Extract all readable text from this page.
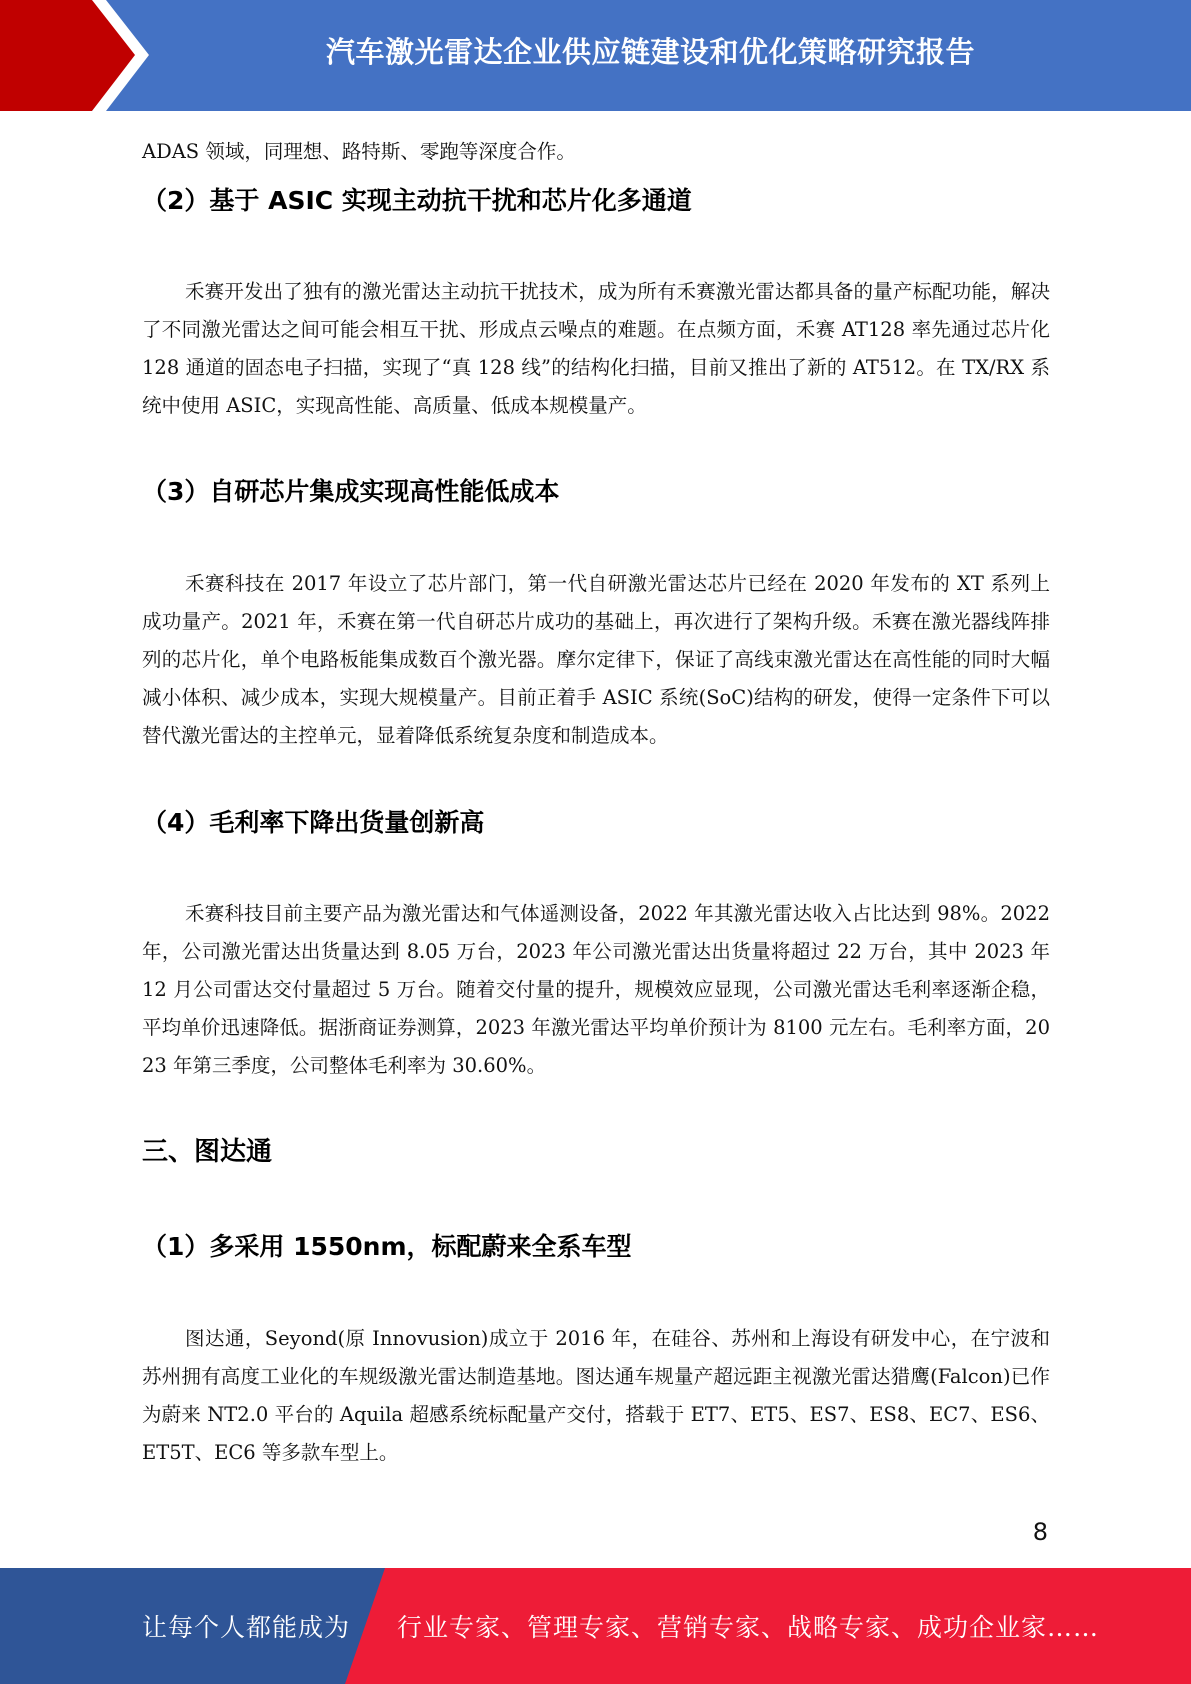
汽车激光雷达企业供应链建设和优化策略研究报告
ADAS 领域，同理想、路特斯、零跑等深度合作。
（2）基于 ASIC 实现主动抗干扰和芯片化多通道
禾赛开发出了独有的激光雷达主动抗干扰技术，成为所有禾赛激光雷达都具备的量产标配功能，解决了不同激光雷达之间可能会相互干扰、形成点云噪点的难题。在点频方面，禾赛 AT128 率先通过芯片化 128 通道的固态电子扫描，实现了“真 128 线”的结构化扫描，目前又推出了新的 AT512。在 TX/RX 系统中使用 ASIC，实现高性能、高质量、低成本规模量产。
（3）自研芯片集成实现高性能低成本
禾赛科技在 2017 年设立了芯片部门，第一代自研激光雷达芯片已经在 2020 年发布的 XT 系列上成功量产。2021 年，禾赛在第一代自研芯片成功的基础上，再次进行了架构升级。禾赛在激光器线阵排列的芯片化，单个电路板能集成数百个激光器。摩尔定律下，保证了高线束激光雷达在高性能的同时大幅减小体积、减少成本，实现大规模量产。目前正着手 ASIC 系统(SoC)结构的研发，使得一定条件下可以替代激光雷达的主控单元，显着降低系统复杂度和制造成本。
（4）毛利率下降出货量创新高
禾赛科技目前主要产品为激光雷达和气体遥测设备，2022 年其激光雷达收入占比达到 98%。2022 年，公司激光雷达出货量达到 8.05 万台，2023 年公司激光雷达出货量将超过 22 万台，其中 2023 年 12 月公司雷达交付量超过 5 万台。随着交付量的提升，规模效应显现，公司激光雷达毛利率逐渐企稳，平均单价迅速降低。据浙商证券测算，2023 年激光雷达平均单价预计为 8100 元左右。毛利率方面，2023 年第三季度，公司整体毛利率为 30.60%。
三、图达通
（1）多采用 1550nm，标配蔚来全系车型
图达通，Seyond(原 Innovusion)成立于 2016 年，在硅谷、苏州和上海设有研发中心，在宁波和苏州拥有高度工业化的车规级激光雷达制造基地。图达通车规量产超远距主视激光雷达猎鹰(Falcon)已作为蔚来 NT2.0 平台的 Aquila 超感系统标配量产交付，搭载于 ET7、ET5、ES7、ES8、EC7、ES6、ET5T、EC6 等多款车型上。
8
让每个人都能成为 行业专家、管理专家、营销专家、战略专家、成功企业家……
